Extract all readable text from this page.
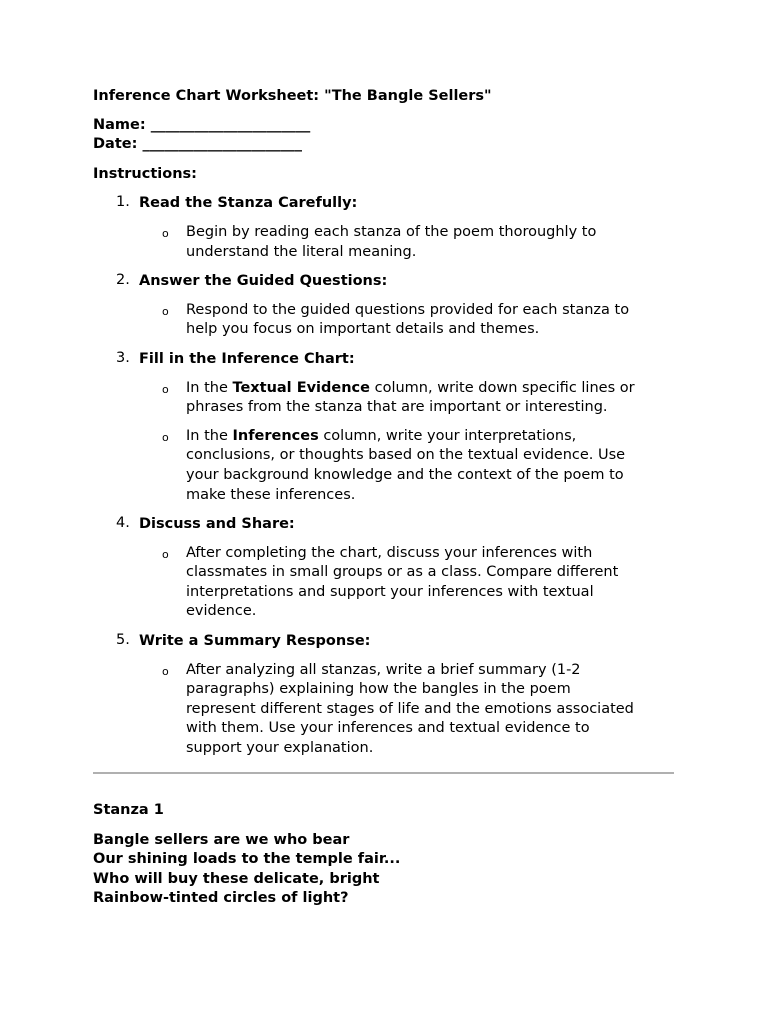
Inference Chart Worksheet: "The Bangle Sellers"
Name: ______________________
Date: ______________________
Instructions:
1. Read the Stanza Carefully:
o Begin by reading each stanza of the poem thoroughly to
understand the literal meaning.
2. Answer the Guided Questions:
o Respond to the guided questions provided for each stanza to
help you focus on important details and themes.
3. Fill in the Inference Chart:
o In the Textual Evidence column, write down specific lines or
phrases from the stanza that are important or interesting.
o In the Inferences column, write your interpretations,
conclusions, or thoughts based on the textual evidence. Use
your background knowledge and the context of the poem to
make these inferences.
4. Discuss and Share:
o After completing the chart, discuss your inferences with
classmates in small groups or as a class. Compare different
interpretations and support your inferences with textual
evidence.
5. Write a Summary Response:
o After analyzing all stanzas, write a brief summary (1-2
paragraphs) explaining how the bangles in the poem
represent different stages of life and the emotions associated
with them. Use your inferences and textual evidence to
support your explanation.
Stanza 1
Bangle sellers are we who bear
Our shining loads to the temple fair...
Who will buy these delicate, bright
Rainbow-tinted circles of light?
